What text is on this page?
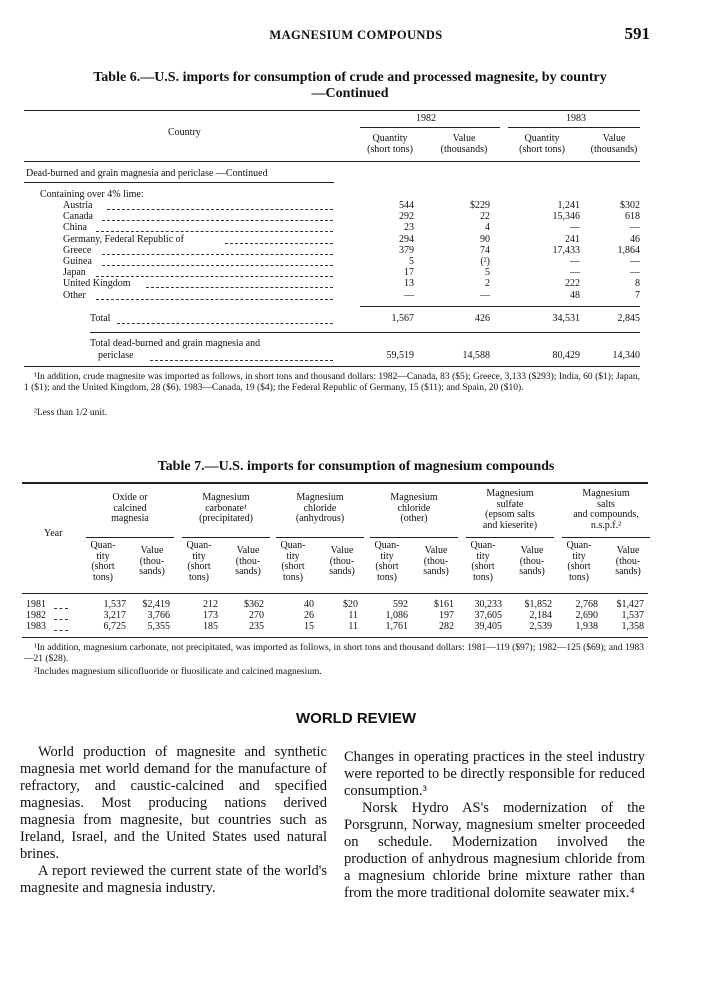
MAGNESIUM COMPOUNDS	591
Table 6.—U.S. imports for consumption of crude and processed magnesite, by country
—Continued
Country
1982	1983
Quantity
(short tons)
Value
(thousands)
Quantity
(short tons)
Value
(thousands)
Dead-burned and grain magnesia and periclase —Continued
Containing over 4% lime:
Austria	544	$229	1,241	$302
Canada	292	22	15,346	618
China	23	4	—	—
Germany, Federal Republic of	294	90	241	46
Greece	379	74	17,433	1,864
Guinea	5	(²)	—	—
Japan	17	5	—	—
United Kingdom	13	2	222	8
Other	—	—	48	7
Total	1,567	426	34,531	2,845
Total dead-burned and grain magnesia and
periclase	59,519	14,588	80,429	14,340
¹In addition, crude magnesite was imported as follows, in short tons and thousand dollars: 1982—Canada, 83 ($5); Greece, 3,133 ($293); India, 60 ($1); Japan, 1 ($1); and the United Kingdom, 28 ($6). 1983—Canada, 19 ($4); the Federal Republic of Germany, 15 ($11); and Spain, 20 ($10).
²Less than 1/2 unit.
Table 7.—U.S. imports for consumption of magnesium compounds
Year
Oxide or
calcined
magnesia
Quan-
tity
(short
tons)
Value
(thou-
sands)
Magnesium
carbonate¹
(precipitated)
Quan-
tity
(short
tons)
Value
(thou-
sands)
Magnesium
chloride
(anhydrous)
Quan-
tity
(short
tons)
Value
(thou-
sands)
Magnesium
chloride
(other)
Quan-
tity
(short
tons)
Value
(thou-
sands)
Magnesium
sulfate
(epsom salts
and kieserite)
Quan-
tity
(short
tons)
Value
(thou-
sands)
Magnesium
salts
and compounds,
n.s.p.f.²
Quan-
tity
(short
tons)
Value
(thou-
sands)
1981	1,537	$2,419	212	$362	40	$20	592	$161	30,233	$1,852	2,768	$1,427
1982	3,217	3,766	173	270	26	11	1,086	197	37,605	2,184	2,690	1,537
1983	6,725	5,355	185	235	15	11	1,761	282	39,405	2,539	1,938	1,358
¹In addition, magnesium carbonate, not precipitated, was imported as follows, in short tons and thousand dollars: 1981—119 ($97); 1982—125 ($69); and 1983—21 ($28).
²Includes magnesium silicofluoride or fluosilicate and calcined magnesium.
WORLD REVIEW

World production of magnesite and synthetic magnesia met world demand for the manufacture of refractory, and caustic-calcined and specified magnesias. Most producing nations derived magnesia from magnesite, but countries such as Ireland, Israel, and the United States used natural brines.

A report reviewed the current state of the world's magnesite and magnesia industry.

Changes in operating practices in the steel industry were reported to be directly responsible for reduced consumption.³

Norsk Hydro AS's modernization of the Porsgrunn, Norway, magnesium smelter proceeded on schedule. Modernization involved the production of anhydrous magnesium chloride from a magnesium chloride brine mixture rather than from the more traditional dolomite seawater mix.⁴
